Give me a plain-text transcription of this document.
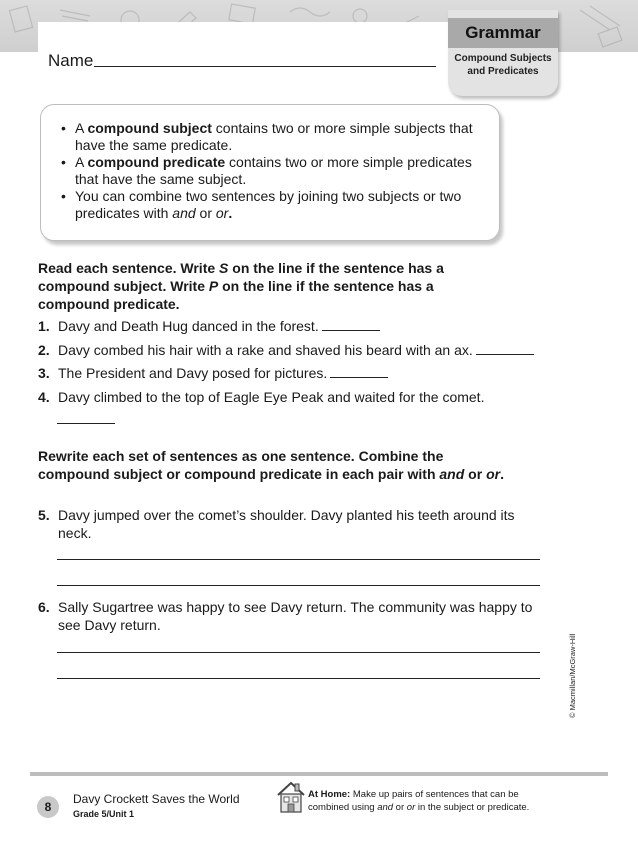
Name
Grammar
Compound Subjects
and Predicates
• A compound subject contains two or more simple subjects that have the same predicate.
• A compound predicate contains two or more simple predicates that have the same subject.
• You can combine two sentences by joining two subjects or two predicates with and or or.
Read each sentence. Write S on the line if the sentence has a compound subject. Write P on the line if the sentence has a compound predicate.
1. Davy and Death Hug danced in the forest.
2. Davy combed his hair with a rake and shaved his beard with an ax.
3. The President and Davy posed for pictures.
4. Davy climbed to the top of Eagle Eye Peak and waited for the comet.
Rewrite each set of sentences as one sentence. Combine the compound subject or compound predicate in each pair with and or or.
5. Davy jumped over the comet’s shoulder. Davy planted his teeth around its
neck.
6. Sally Sugartree was happy to see Davy return. The community was happy to
see Davy return.
© Macmillan/McGraw-Hill
8
Davy Crockett Saves the World
Grade 5/Unit 1
At Home: Make up pairs of sentences that can be combined using and or or in the subject or predicate.
